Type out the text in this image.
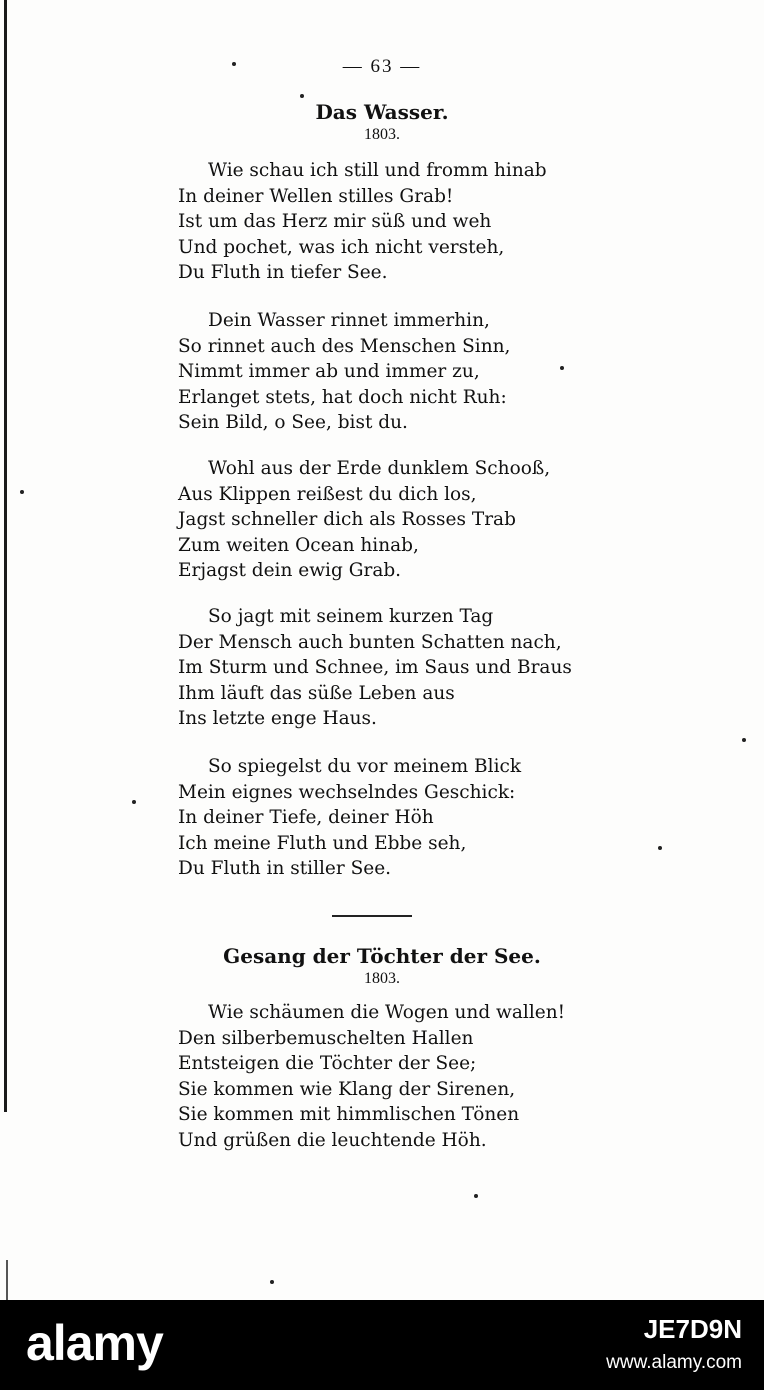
— 63 —
Das Wasser.
1803.
Wie schau ich still und fromm hinab
In deiner Wellen stilles Grab!
Ist um das Herz mir süß und weh
Und pochet, was ich nicht versteh,
Du Fluth in tiefer See.
Dein Wasser rinnet immerhin,
So rinnet auch des Menschen Sinn,
Nimmt immer ab und immer zu,
Erlanget stets, hat doch nicht Ruh:
Sein Bild, o See, bist du.
Wohl aus der Erde dunklem Schooß,
Aus Klippen reißest du dich los,
Jagst schneller dich als Rosses Trab
Zum weiten Ocean hinab,
Erjagst dein ewig Grab.
So jagt mit seinem kurzen Tag
Der Mensch auch bunten Schatten nach,
Im Sturm und Schnee, im Saus und Braus
Ihm läuft das süße Leben aus
Ins letzte enge Haus.
So spiegelst du vor meinem Blick
Mein eignes wechselndes Geschick:
In deiner Tiefe, deiner Höh
Ich meine Fluth und Ebbe seh,
Du Fluth in stiller See.
Gesang der Töchter der See.
1803.
Wie schäumen die Wogen und wallen!
Den silberbemuschelten Hallen
Entsteigen die Töchter der See;
Sie kommen wie Klang der Sirenen,
Sie kommen mit himmlischen Tönen
Und grüßen die leuchtende Höh.
alamy	JE7D9N
www.alamy.com
